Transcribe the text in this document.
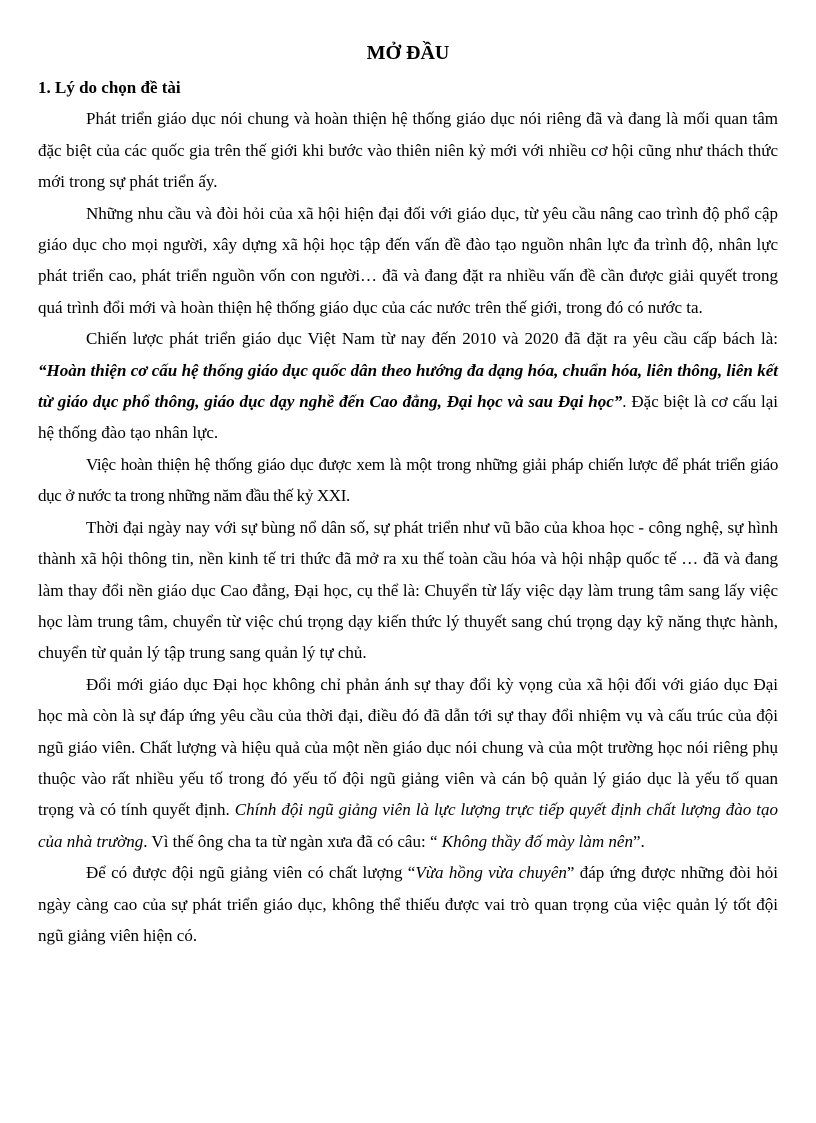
MỞ ĐẦU
1. Lý do chọn đề tài

Phát triển giáo dục nói chung và hoàn thiện hệ thống giáo dục nói riêng đã và đang là mối quan tâm đặc biệt của các quốc gia trên thế giới khi bước vào thiên niên kỷ mới với nhiều cơ hội cũng như thách thức mới trong sự phát triển ấy.

Những nhu cầu và đòi hỏi của xã hội hiện đại đối với giáo dục, từ yêu cầu nâng cao trình độ phổ cập giáo dục cho mọi người, xây dựng xã hội học tập đến vấn đề đào tạo nguồn nhân lực đa trình độ, nhân lực phát triển cao, phát triển nguồn vốn con người… đã và đang đặt ra nhiều vấn đề cần được giải quyết trong quá trình đổi mới và hoàn thiện hệ thống giáo dục của các nước trên thế giới, trong đó có nước ta.

Chiến lược phát triển giáo dục Việt Nam từ nay đến 2010 và 2020 đã đặt ra yêu cầu cấp bách là: “Hoàn thiện cơ cấu hệ thống giáo dục quốc dân theo hướng đa dạng hóa, chuẩn hóa, liên thông, liên kết từ giáo dục phổ thông, giáo dục dạy nghề đến Cao đẳng, Đại học và sau Đại học”. Đặc biệt là cơ cấu lại hệ thống đào tạo nhân lực.

Việc hoàn thiện hệ thống giáo dục được xem là một trong những giải pháp chiến lược để phát triển giáo dục ở nước ta trong những năm đầu thế kỷ XXI.

Thời đại ngày nay với sự bùng nổ dân số, sự phát triển như vũ bão của khoa học - công nghệ, sự hình thành xã hội thông tin, nền kinh tế tri thức đã mở ra xu thế toàn cầu hóa và hội nhập quốc tế … đã và đang làm thay đổi nền giáo dục Cao đẳng, Đại học, cụ thể là: Chuyển từ lấy việc dạy làm trung tâm sang lấy việc học làm trung tâm, chuyển từ việc chú trọng dạy kiến thức lý thuyết sang chú trọng dạy kỹ năng thực hành, chuyển từ quản lý tập trung sang quản lý tự chủ.

Đổi mới giáo dục Đại học không chỉ phản ánh sự thay đổi kỳ vọng của xã hội đối với giáo dục Đại học mà còn là sự đáp ứng yêu cầu của thời đại, điều đó đã dẫn tới sự thay đổi nhiệm vụ và cấu trúc của đội ngũ giáo viên. Chất lượng và hiệu quả của một nền giáo dục nói chung và của một trường học nói riêng phụ thuộc vào rất nhiều yếu tố trong đó yếu tố đội ngũ giảng viên và cán bộ quản lý giáo dục là yếu tố quan trọng và có tính quyết định. Chính đội ngũ giảng viên là lực lượng trực tiếp quyết định chất lượng đào tạo của nhà trường. Vì thế ông cha ta từ ngàn xưa đã có câu: “ Không thầy đố mày làm nên”.

Để có được đội ngũ giảng viên có chất lượng “Vừa hồng vừa chuyên” đáp ứng được những đòi hỏi ngày càng cao của sự phát triển giáo dục, không thể thiếu được vai trò quan trọng của việc quản lý tốt đội ngũ giảng viên hiện có.
